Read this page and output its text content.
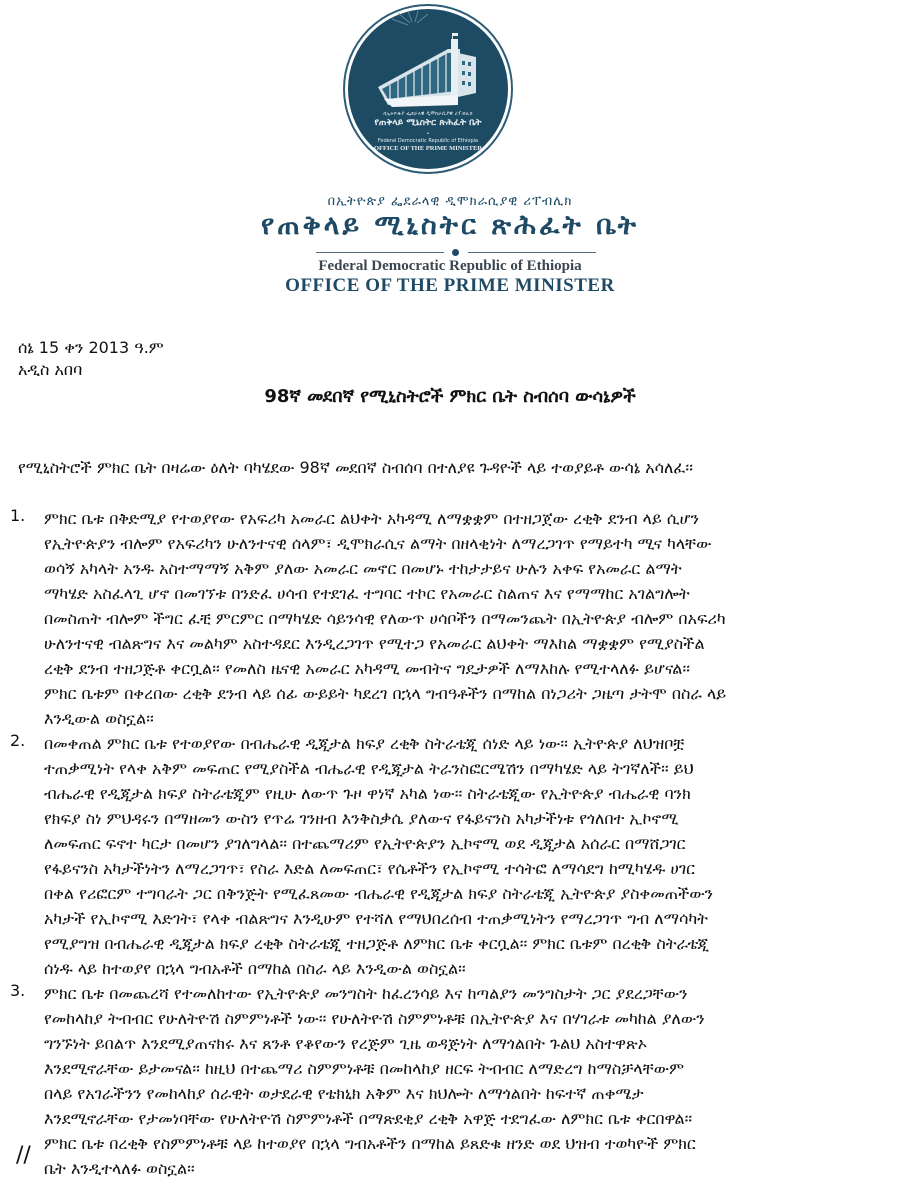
በኢትዮጵያ ፌደራላዊ ዲሞክራሲያዊ ሪፐብሊክ
የጠቅላይ ሚኒስትር ጽሕፈት ቤት
•
Federal Democratic Republic of Ethiopia
OFFICE OF THE PRIME MINISTER
በኢትዮጵያ ፌደራላዊ ዲሞክራሲያዊ ሪፐብሊክ
የጠቅላይ ሚኒስትር ጽሕፈት ቤት
Federal Democratic Republic of Ethiopia
OFFICE OF THE PRIME MINISTER
ሰኔ 15 ቀን 2013 ዓ.ም
አዲስ አበባ
98ኛ መደበኛ የሚኒስትሮች ምክር ቤት ስብሰባ ውሳኔዎች
የሚኒስትሮች ምክር ቤት በዛሬው ዕለት ባካሄደው 98ኛ መደበኛ ስብሰባ በተለያዩ ጉዳዮች ላይ ተወያይቶ ውሳኔ አሳለፈ፡፡
1. ምክር ቤቱ በቅድሚያ የተወያየው የአፍሪካ አመራር ልህቀት አካዳሚ ለማቋቋም በተዘጋጀው ረቂቅ ደንብ ላይ ሲሆን
የኢትዮጵያን ብሎም የአፍሪካን ሁለንተናዊ ሰላም፣ ዲሞክራሲና ልማት በዘላቂነት ለማረጋገጥ የማይተካ ሚና ካላቸው
ወሳኝ አካላት አንዱ አስተማማኝ አቅም ያለው አመራር መኖር በመሆኑ ተከታታይና ሁሉን አቀፍ የአመራር ልማት
ማካሄድ አስፈላጊ ሆኖ በመገኘቱ በንድፈ ሀሳብ የተደገፈ ተግባር ተኮር የአመራር ስልጠና እና የማማከር አገልግሎት
በመስጠት ብሎም ችግር ፈቺ ምርምር በማካሄድ ሳይንሳዊ የለውጥ ሀሳቦችን በማመንጨት በኢትዮጵያ ብሎም በአፍሪካ
ሁለንተናዊ ብልጽግና እና መልካም አስተዳደር እንዲረጋገጥ የሚተጋ የአመራር ልህቀት ማእከል ማቋቋም የሚያስችል
ረቂቅ ደንብ ተዘጋጅቶ ቀርቧል፡፡ የመለስ ዜናዊ አመራር አካዳሚ መብትና ግዴታዎች ለማእከሉ የሚተላለፉ ይሆናል፡፡
ምክር ቤቱም በቀረበው ረቂቅ ደንብ ላይ ሰፊ ውይይት ካደረገ በኋላ ግብዓቶችን በማከል በነጋሪት ጋዜጣ ታትሞ በስራ ላይ
እንዲውል ወስኗል፡፡
2. በመቀጠል ምክር ቤቱ የተወያየው በብሔራዊ ዲጂታል ክፍያ ረቂቅ ስትራቴጂ ሰነድ ላይ ነው፡፡ ኢትዮጵያ ለህዝቦቿ
ተጠቃሚነት የላቀ አቅም መፍጠር የሚያስችል ብሔራዊ የዲጂታል ትራንስፎርሜሽን በማካሄድ ላይ ትገኛለች፡፡ ይህ
ብሔራዊ የዲጂታል ክፍያ ስትራቴጂም የዚሁ ለውጥ ጉዞ ዋነኛ አካል ነው፡፡ ስትራቴጂው የኢትዮጵያ ብሔራዊ ባንክ
የክፍያ ስነ ምህዳሩን በማዘመን ውስን የጥሬ ገንዘብ እንቅስቃሴ ያለውና የፋይናንስ አካታችነቱ የጎለበተ ኢኮኖሚ
ለመፍጠር ፍኖተ ካርታ በመሆን ያገለግላል፡፡ በተጨማሪም የኢትዮጵያን ኢኮኖሚ ወደ ዲጂታል አሰራር በማሸጋገር
የፋይናንስ አካታችነትን ለማረጋገጥ፣ የስራ እድል ለመፍጠር፣ የሴቶችን የኢኮኖሚ ተሳትፎ ለማሳደግ ከሚካሄዱ ሀገር
በቀል የሪፎርም ተግባራት ጋር በቅንጅት የሚፈጸመው ብሔራዊ የዲጂታል ክፍያ ስትራቴጂ ኢትዮጵያ ያስቀመጠችውን
አካታች የኢኮኖሚ እድገት፣ የላቀ ብልጽግና እንዲሁም የተሻለ የማህበረሰብ ተጠቃሚነትን የማረጋገጥ ግብ ለማሳካት
የሚያግዝ በብሔራዊ ዲጂታል ክፍያ ረቂቅ ስትራቴጂ ተዘጋጅቶ ለምክር ቤቱ ቀርቧል፡፡ ምክር ቤቱም በረቂቅ ስትራቴጂ
ሰነዱ ላይ ከተወያየ በኋላ ግብአቶች በማከል በስራ ላይ እንዲውል ወስኗል፡፡
3. ምክር ቤቱ በመጨረሻ የተመለከተው የኢትዮጵያ መንግስት ከፈረንሳይ እና ከጣልያን መንግስታት ጋር ያደረጋቸውን
የመከላከያ ትብብር የሁለትዮሽ ስምምነቶች ነው፡፡ የሁለትዮሽ ስምምነቶቹ በኢትዮጵያ እና በሃገራቱ መካከል ያለውን
ግንኙነት ይበልጥ እንደሚያጠናክሩ እና ጸንቶ የቆየውን የረጅም ጊዜ ወዳጅነት ለማጎልበት ጉልህ አስተዋጽኦ
እንደሚኖራቸው ይታመናል፡፡ ከዚህ በተጨማሪ ስምምነቶቹ በመከላከያ ዘርፍ ትብብር ለማድረግ ከማስቻላቸውም
በላይ የአገራችንን የመከላከያ ሰራዊት ወታደራዊ የቴክኒክ አቅም እና ክህሎት ለማጎልበት ከፍተኛ ጠቀሜታ
እንደሚኖራቸው የታመነባቸው የሁለትዮሽ ስምምነቶች በማጽደቂያ ረቂቅ አዋጅ ተደግፈው ለምክር ቤቱ ቀርበዋል፡፡
ምክር ቤቱ በረቂቅ የስምምነቶቹ ላይ ከተወያየ በኋላ ግብአቶችን በማከል ይጸድቁ ዘንድ ወደ ህዝብ ተወካዮች ምክር
ቤት እንዲተላለፉ ወስኗል፡፡
//
